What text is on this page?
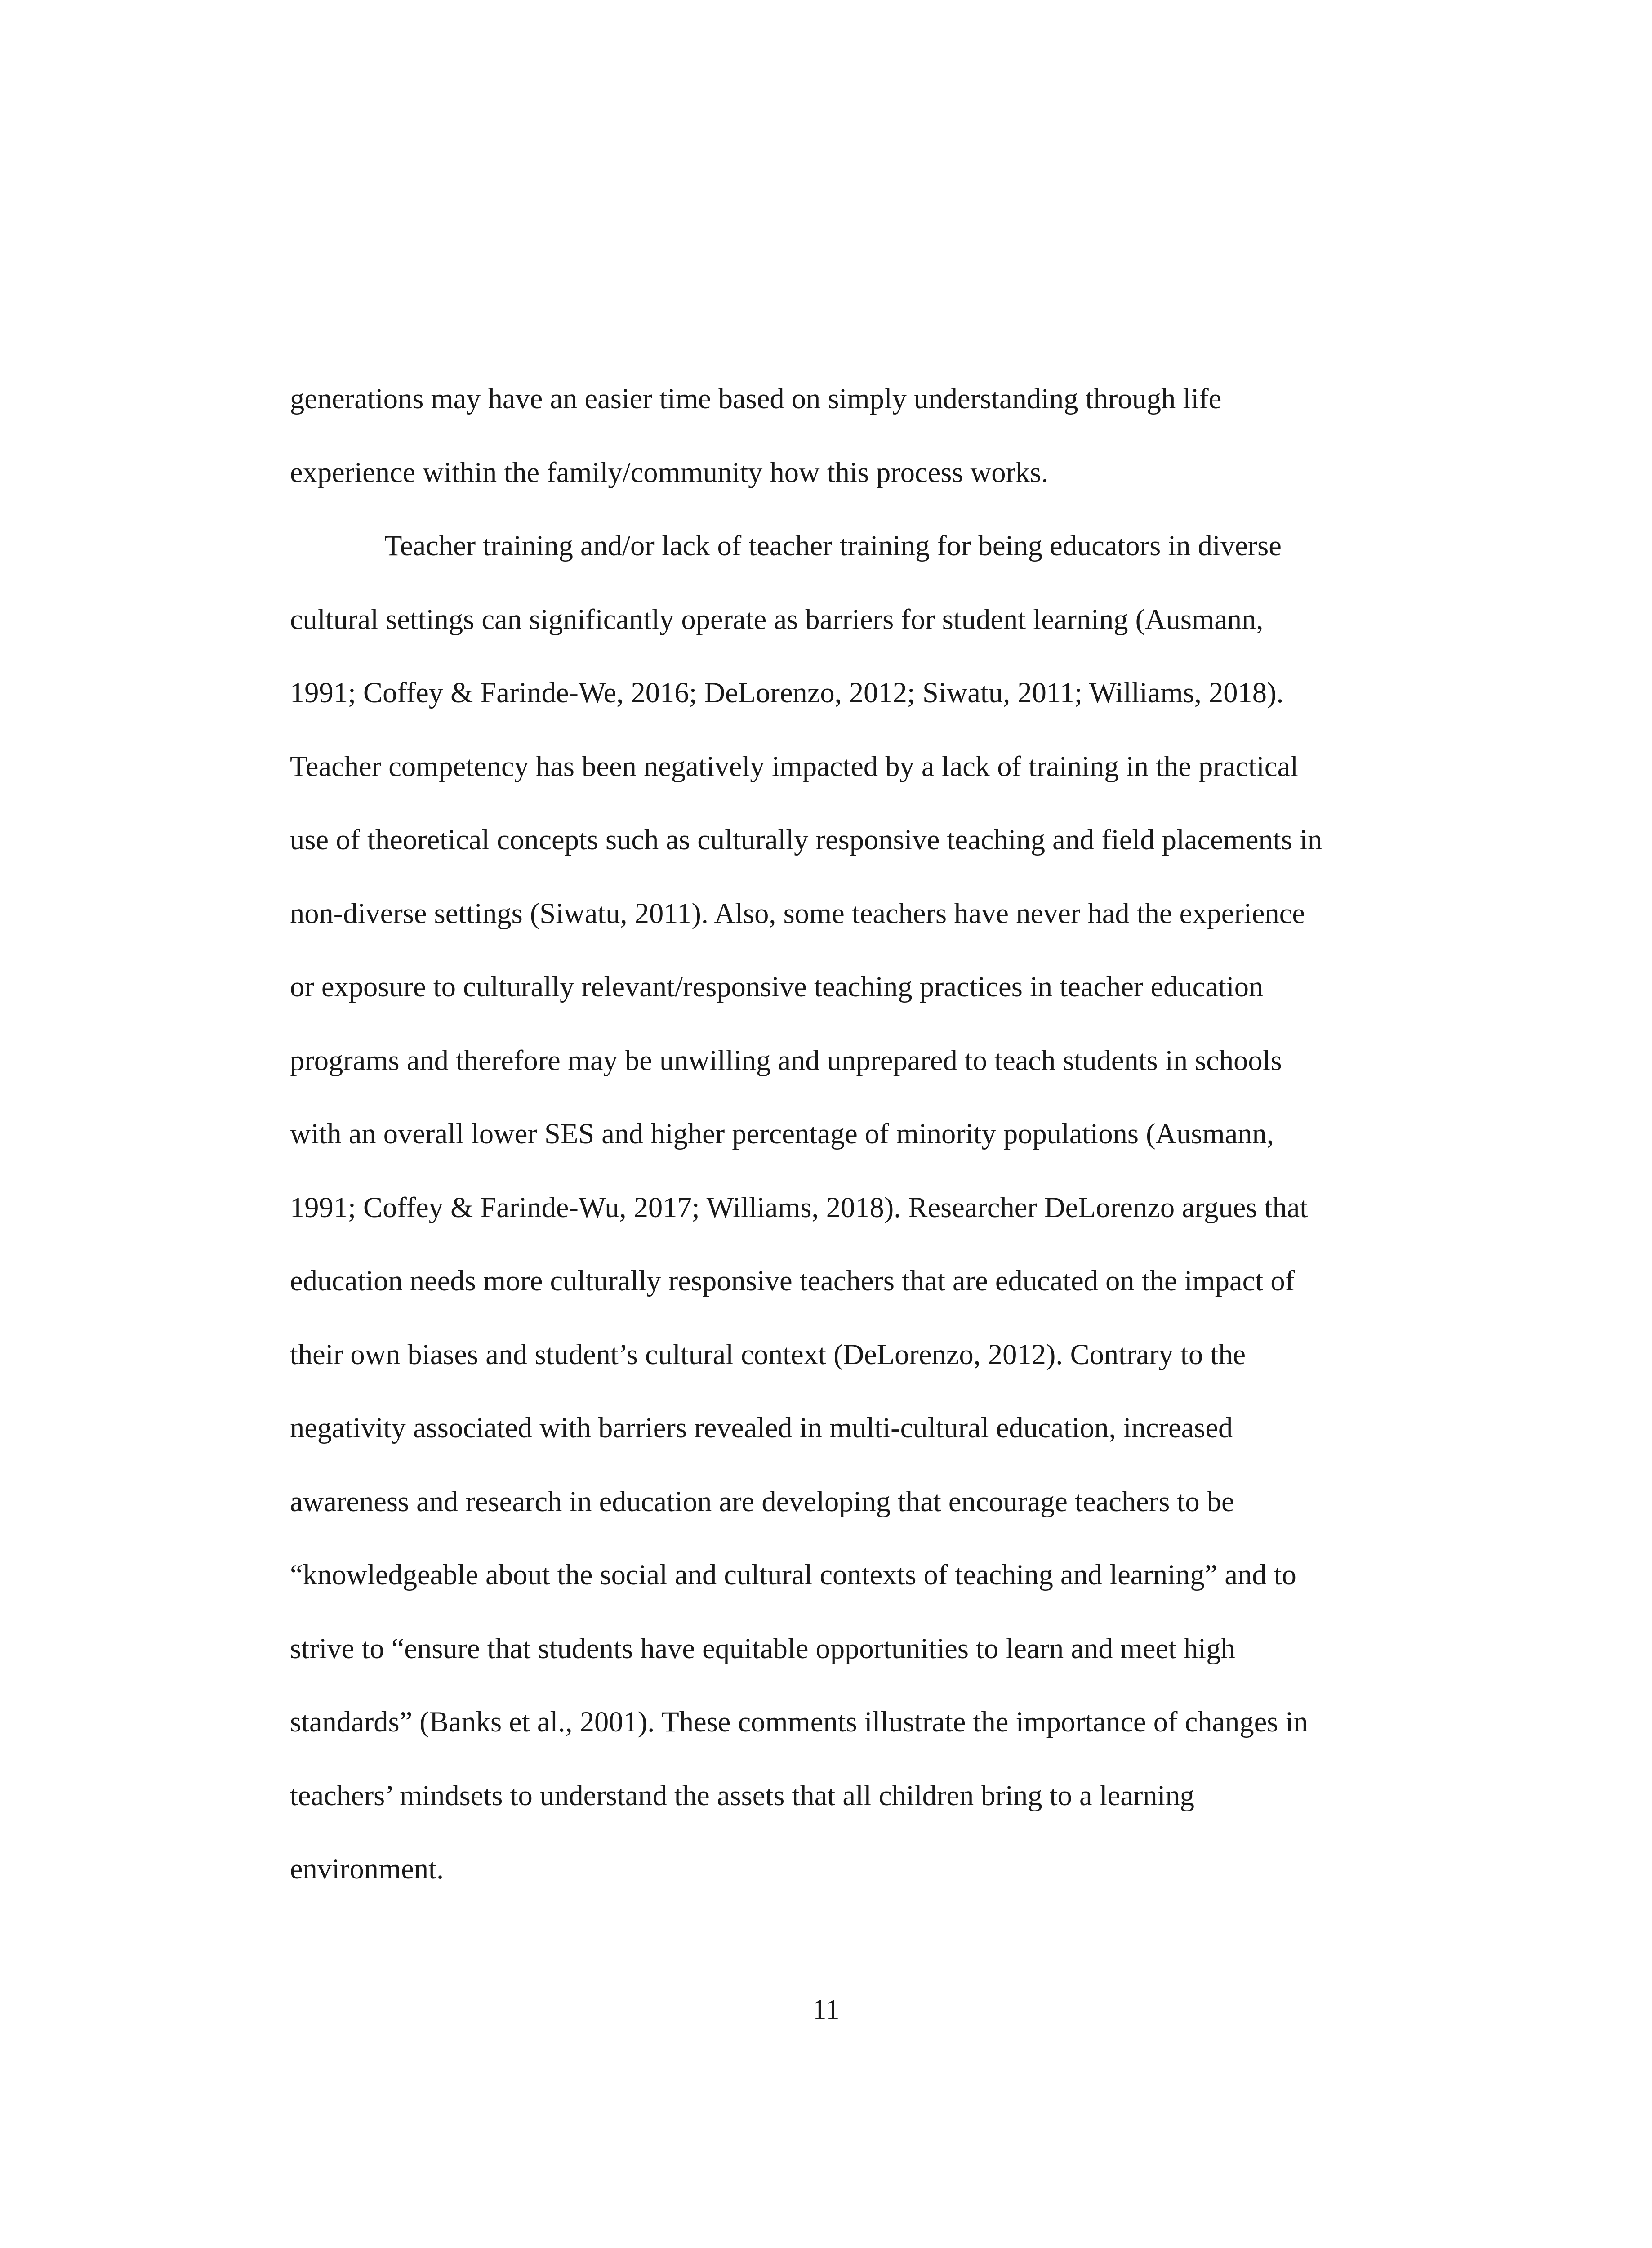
generations may have an easier time based on simply understanding through life
experience within the family/community how this process works.
Teacher training and/or lack of teacher training for being educators in diverse
cultural settings can significantly operate as barriers for student learning (Ausmann,
1991; Coffey & Farinde-We, 2016; DeLorenzo, 2012; Siwatu, 2011; Williams, 2018).
Teacher competency has been negatively impacted by a lack of training in the practical
use of theoretical concepts such as culturally responsive teaching and field placements in
non-diverse settings (Siwatu, 2011). Also, some teachers have never had the experience
or exposure to culturally relevant/responsive teaching practices in teacher education
programs and therefore may be unwilling and unprepared to teach students in schools
with an overall lower SES and higher percentage of minority populations (Ausmann,
1991; Coffey & Farinde-Wu, 2017; Williams, 2018). Researcher DeLorenzo argues that
education needs more culturally responsive teachers that are educated on the impact of
their own biases and student’s cultural context (DeLorenzo, 2012). Contrary to the
negativity associated with barriers revealed in multi-cultural education, increased
awareness and research in education are developing that encourage teachers to be
“knowledgeable about the social and cultural contexts of teaching and learning” and to
strive to “ensure that students have equitable opportunities to learn and meet high
standards” (Banks et al., 2001). These comments illustrate the importance of changes in
teachers’ mindsets to understand the assets that all children bring to a learning
environment.
11
